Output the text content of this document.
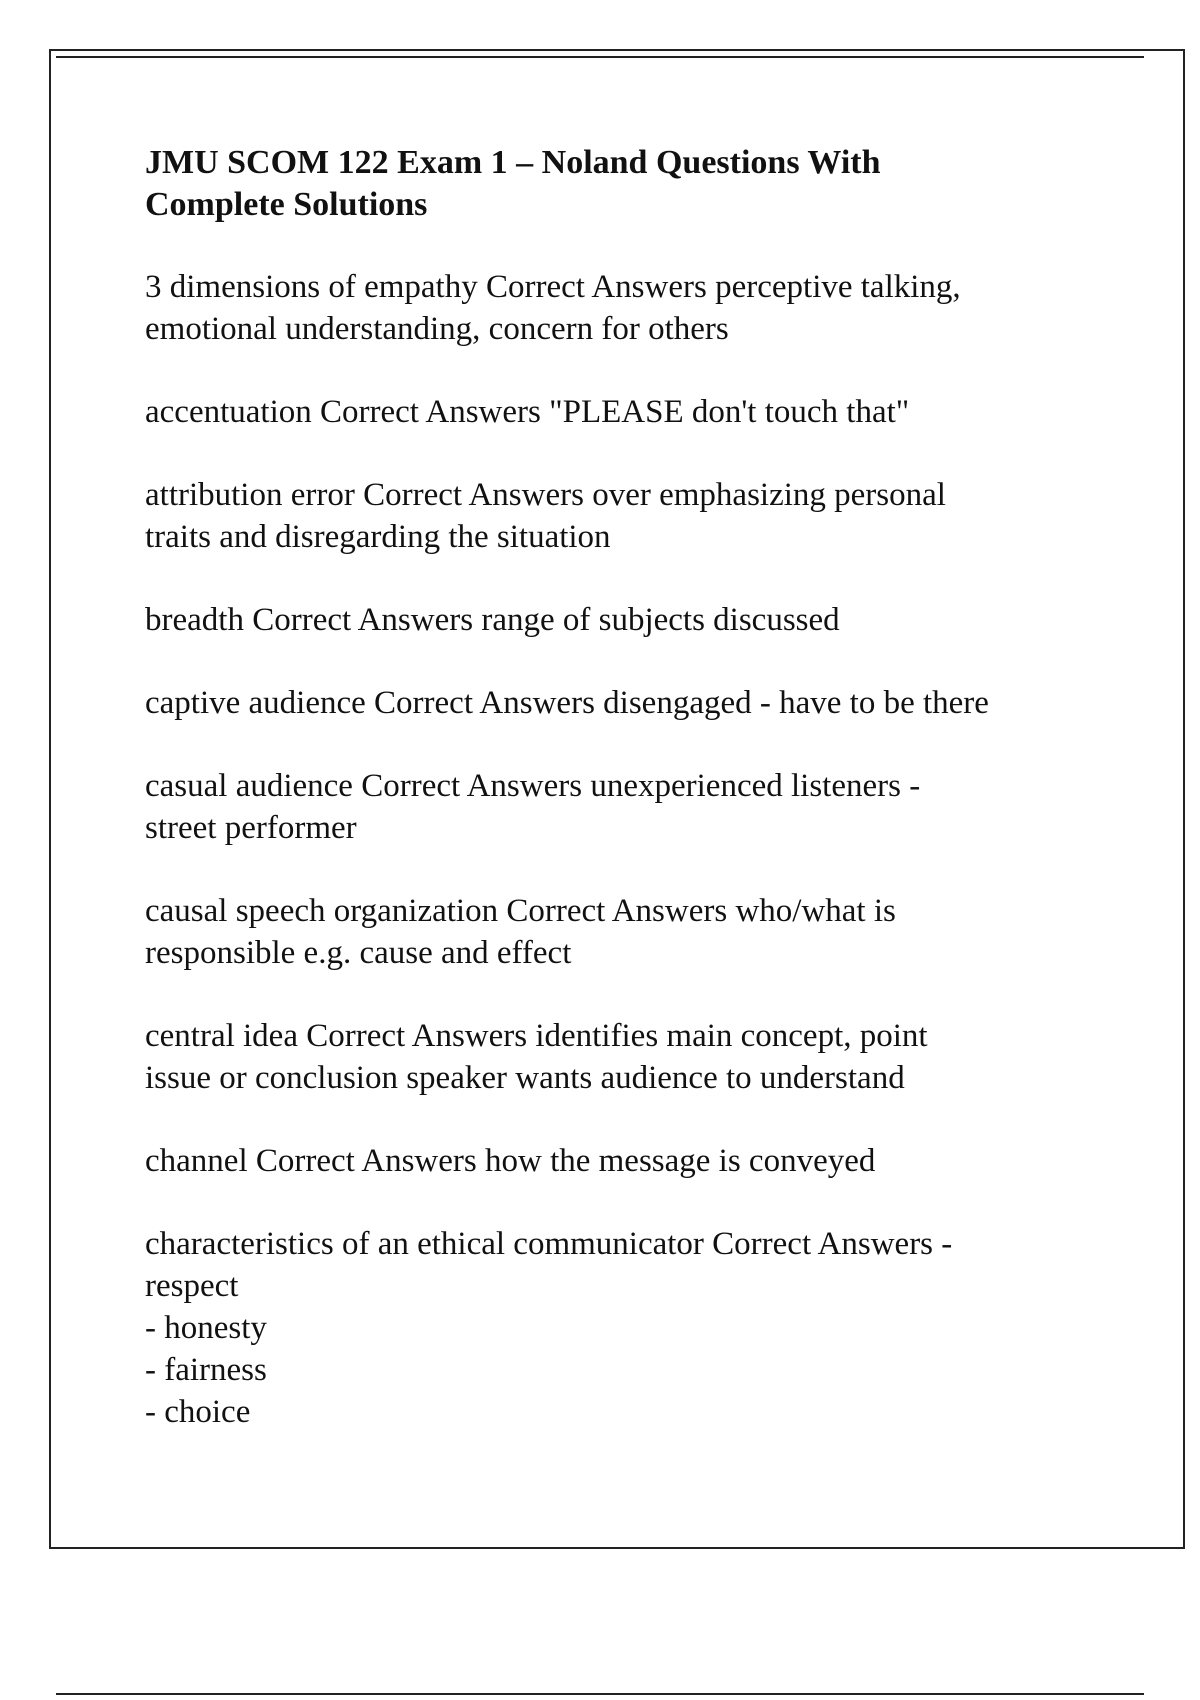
JMU SCOM 122 Exam 1 – Noland Questions With
Complete Solutions
3 dimensions of empathy Correct Answers perceptive talking,
emotional understanding, concern for others
accentuation Correct Answers "PLEASE don't touch that"
attribution error Correct Answers over emphasizing personal
traits and disregarding the situation
breadth Correct Answers range of subjects discussed
captive audience Correct Answers disengaged - have to be there
casual audience Correct Answers unexperienced listeners -
street performer
causal speech organization Correct Answers who/what is
responsible e.g. cause and effect
central idea Correct Answers identifies main concept, point
issue or conclusion speaker wants audience to understand
channel Correct Answers how the message is conveyed
characteristics of an ethical communicator Correct Answers -
respect
- honesty
- fairness
- choice
